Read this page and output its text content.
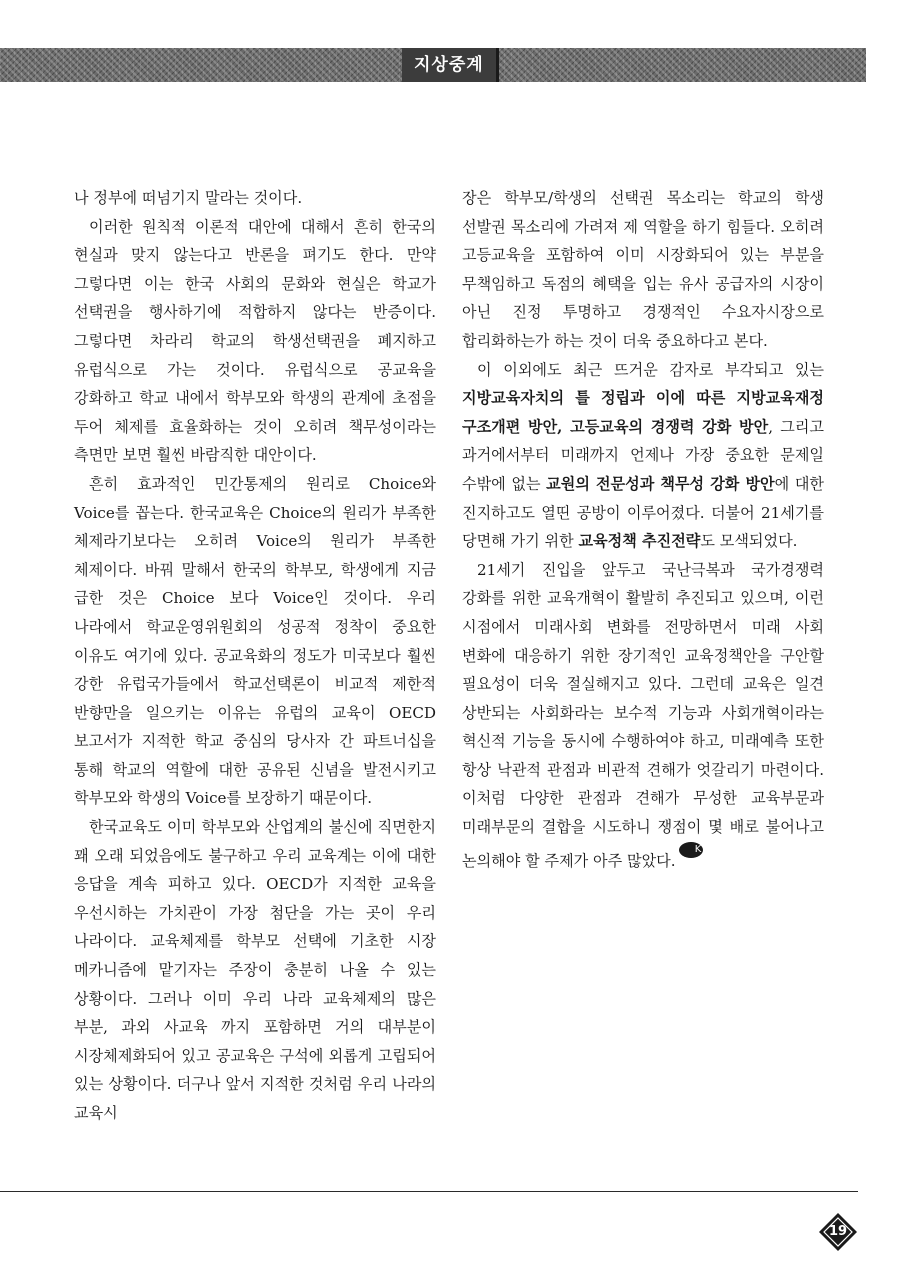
지상중계

나 정부에 떠넘기지 말라는 것이다.

이러한 원칙적 이론적 대안에 대해서 흔히 한국의 현실과 맞지 않는다고 반론을 펴기도 한다. 만약 그렇다면 이는 한국 사회의 문화와 현실은 학교가 선택권을 행사하기에 적합하지 않다는 반증이다. 그렇다면 차라리 학교의 학생선택권을 폐지하고 유럽식으로 가는 것이다. 유럽식으로 공교육을 강화하고 학교 내에서 학부모와 학생의 관계에 초점을 두어 체제를 효율화하는 것이 오히려 책무성이라는 측면만 보면 훨씬 바람직한 대안이다.

흔히 효과적인 민간통제의 원리로 Choice와 Voice를 꼽는다. 한국교육은 Choice의 원리가 부족한 체제라기보다는 오히려 Voice의 원리가 부족한 체제이다. 바꿔 말해서 한국의 학부모, 학생에게 지금 급한 것은 Choice 보다 Voice인 것이다. 우리 나라에서 학교운영위원회의 성공적 정착이 중요한 이유도 여기에 있다. 공교육화의 정도가 미국보다 훨씬 강한 유럽국가들에서 학교선택론이 비교적 제한적 반향만을 일으키는 이유는 유럽의 교육이 OECD 보고서가 지적한 학교 중심의 당사자 간 파트너십을 통해 학교의 역할에 대한 공유된 신념을 발전시키고 학부모와 학생의 Voice를 보장하기 때문이다.

한국교육도 이미 학부모와 산업계의 불신에 직면한지 꽤 오래 되었음에도 불구하고 우리 교육계는 이에 대한 응답을 계속 피하고 있다. OECD가 지적한 교육을 우선시하는 가치관이 가장 첨단을 가는 곳이 우리 나라이다. 교육체제를 학부모 선택에 기초한 시장 메카니즘에 맡기자는 주장이 충분히 나올 수 있는 상황이다. 그러나 이미 우리 나라 교육체제의 많은 부분, 과외 사교육 까지 포함하면 거의 대부분이 시장체제화되어 있고 공교육은 구석에 외롭게 고립되어 있는 상황이다. 더구나 앞서 지적한 것처럼 우리 나라의 교육시

장은 학부모/학생의 선택권 목소리는 학교의 학생 선발권 목소리에 가려져 제 역할을 하기 힘들다. 오히려 고등교육을 포함하여 이미 시장화되어 있는 부분을 무책임하고 독점의 혜택을 입는 유사 공급자의 시장이 아닌 진정 투명하고 경쟁적인 수요자시장으로 합리화하는가 하는 것이 더욱 중요하다고 본다.

이 이외에도 최근 뜨거운 감자로 부각되고 있는 지방교육자치의 틀 정립과 이에 따른 지방교육재정 구조개편 방안, 고등교육의 경쟁력 강화 방안, 그리고 과거에서부터 미래까지 언제나 가장 중요한 문제일 수밖에 없는 교원의 전문성과 책무성 강화 방안에 대한 진지하고도 열띤 공방이 이루어졌다. 더불어 21세기를 당면해 가기 위한 교육정책 추진전략도 모색되었다.

21세기 진입을 앞두고 국난극복과 국가경쟁력 강화를 위한 교육개혁이 활발히 추진되고 있으며, 이런 시점에서 미래사회 변화를 전망하면서 미래 사회 변화에 대응하기 위한 장기적인 교육정책안을 구안할 필요성이 더욱 절실해지고 있다. 그런데 교육은 일견 상반되는 사회화라는 보수적 기능과 사회개혁이라는 혁신적 기능을 동시에 수행하여야 하고, 미래예측 또한 항상 낙관적 관점과 비관적 견해가 엇갈리기 마련이다. 이처럼 다양한 관점과 견해가 무성한 교육부문과 미래부문의 결합을 시도하니 쟁점이 몇 배로 불어나고 논의해야 할 주제가 아주 많았다.KEDI

19
